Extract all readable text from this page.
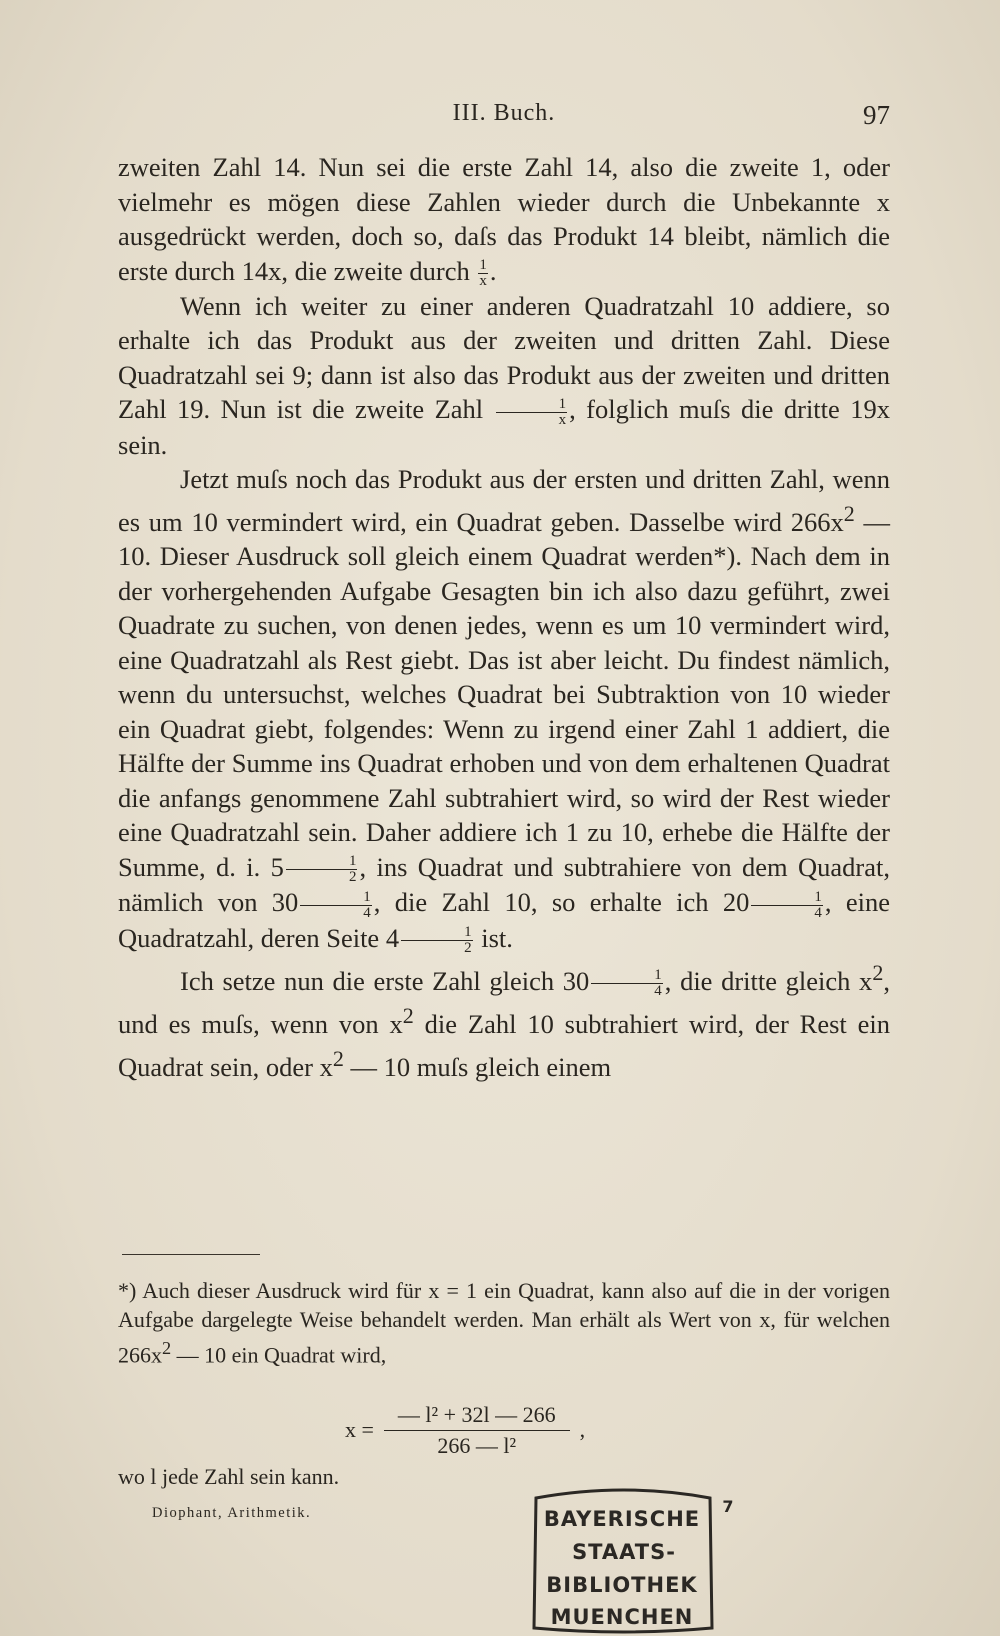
III. Buch.	97

zweiten Zahl 14. Nun sei die erste Zahl 14, also die zweite 1, oder vielmehr es mögen diese Zahlen wieder durch die Unbekannte x ausgedrückt werden, doch so, daſs das Produkt 14 bleibt, nämlich die erste durch 14x, die zweite durch $\frac{1}{x}$ .

Wenn ich weiter zu einer anderen Quadratzahl 10 addiere, so erhalte ich das Produkt aus der zweiten und dritten Zahl. Diese Quadratzahl sei 9; dann ist also das Produkt aus der zweiten und dritten Zahl 19. Nun ist die zweite Zahl $\frac{1}{x}$ , folglich muſs die dritte 19x sein.

Jetzt muſs noch das Produkt aus der ersten und dritten Zahl, wenn es um 10 vermindert wird, ein Quadrat geben. Dasselbe wird $266x^2$ — 10. Dieser Ausdruck soll gleich einem Quadrat werden*). Nach dem in der vorhergehenden Aufgabe Gesagten bin ich also dazu geführt, zwei Quadrate zu suchen, von denen jedes, wenn es um 10 vermindert wird, eine Quadratzahl als Rest giebt. Das ist aber leicht. Du findest nämlich, wenn du untersuchst, welches Quadrat bei Subtraktion von 10 wieder ein Quadrat giebt, folgendes: Wenn zu irgend einer Zahl 1 addiert, die Hälfte der Summe ins Quadrat erhoben und von dem erhaltenen Quadrat die anfangs genommene Zahl subtrahiert wird, so wird der Rest wieder eine Quadratzahl sein. Daher addiere ich 1 zu 10, erhebe die Hälfte der Summe, d. i. $5 \frac{1}{2}$ , ins Quadrat und subtrahiere von dem Quadrat, nämlich von $30 \frac{1}{4}$ , die Zahl 10, so erhalte ich $20 \frac{1}{4}$ , eine Quadratzahl, deren Seite $4 \frac{1}{2}$ ist.

Ich setze nun die erste Zahl gleich $30 \frac{1}{4}$ , die dritte gleich $x^2$, und es muſs, wenn von $x^2$ die Zahl 10 subtrahiert wird, der Rest ein Quadrat sein, oder $x^2$ — 10 muſs gleich einem

*) Auch dieser Ausdruck wird für x = 1 ein Quadrat, kann also auf die in der vorigen Aufgabe dargelegte Weise behandelt werden. Man erhält als Wert von x, für welchen $266x^2$ — 10 ein Quadrat wird,

$x = \frac{\text{— l² + 32l — 266}}{\text{266 — l²}}$ ,
wo l jede Zahl sein kann.
Diophant, Arithmetik.	BAYERISCHE
STAATS-
BIBLIOTHEK
MUENCHEN
7
